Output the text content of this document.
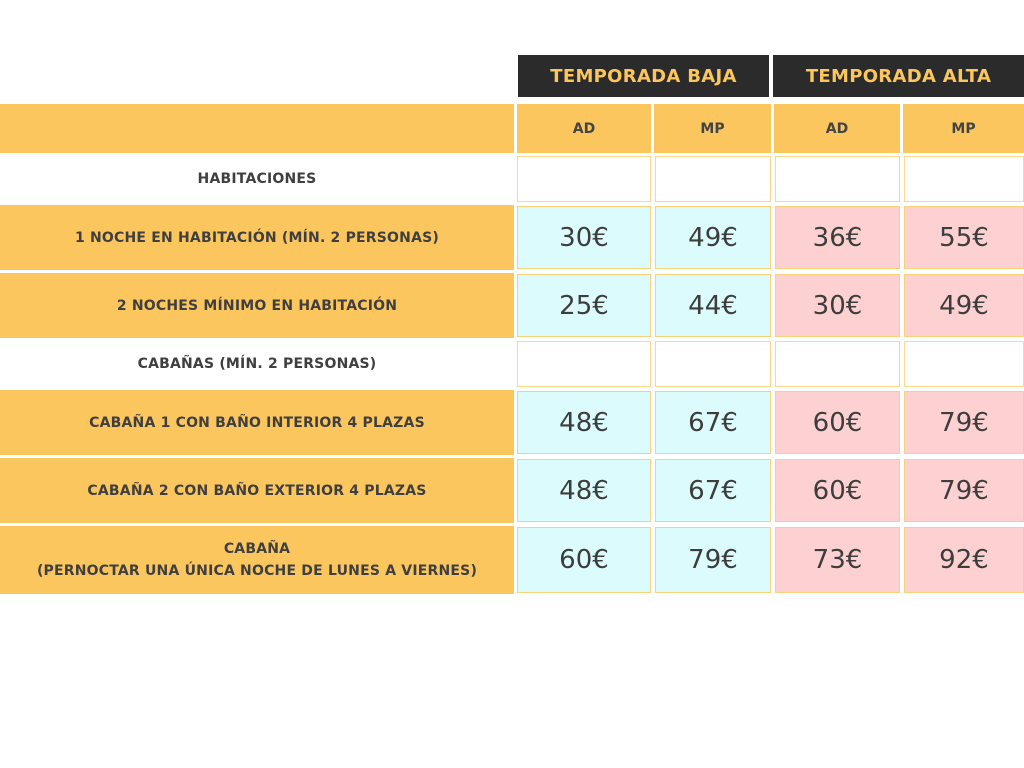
TEMPORADA BAJA	TEMPORADA ALTA
AD	MP	AD	MP
HABITACIONES
1 NOCHE EN HABITACIÓN (MÍN. 2 PERSONAS)	30€	49€	36€	55€
2 NOCHES MÍNIMO EN HABITACIÓN	25€	44€	30€	49€
CABAÑAS (MÍN. 2 PERSONAS)
CABAÑA 1 CON BAÑO INTERIOR 4 PLAZAS	48€	67€	60€	79€
CABAÑA 2 CON BAÑO EXTERIOR 4 PLAZAS	48€	67€	60€	79€
CABAÑA
(PERNOCTAR UNA ÚNICA NOCHE DE LUNES A VIERNES)	60€	79€	73€	92€
